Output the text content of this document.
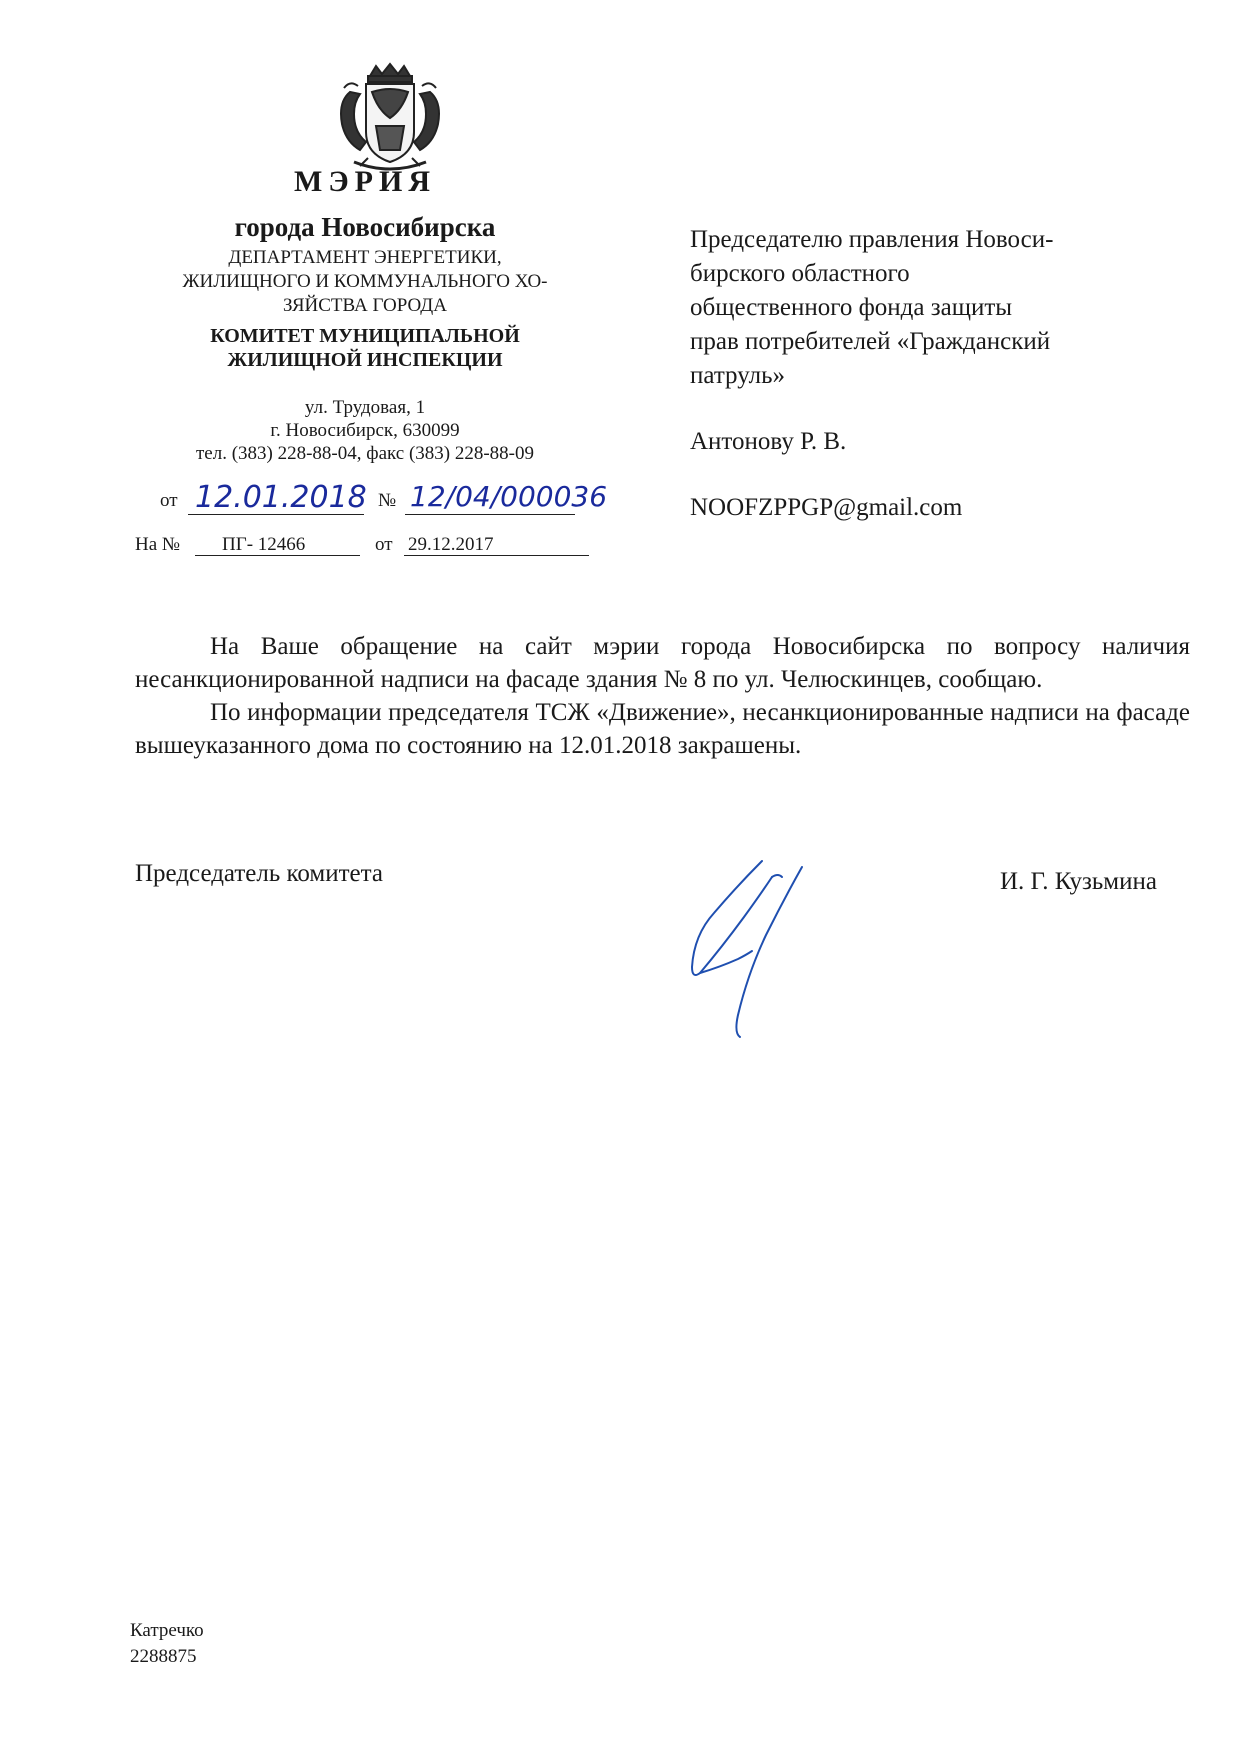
МЭРИЯ
города Новосибирска
ДЕПАРТАМЕНТ ЭНЕРГЕТИКИ,
ЖИЛИЩНОГО И КОММУНАЛЬНОГО ХО-
ЗЯЙСТВА ГОРОДА
КОМИТЕТ МУНИЦИПАЛЬНОЙ
ЖИЛИЩНОЙ ИНСПЕКЦИИ
ул. Трудовая, 1
г. Новосибирск, 630099
тел. (383) 228-88-04, факс (383) 228-88-09
от 12.01.2018 № 12/04/000036
На № ПГ- 12466	от 29.12.2017
Председателю правления Новоси-
бирского областного
общественного фонда защиты
прав потребителей «Гражданский
патруль»
Антонову Р. В.
NOOFZPPGP@gmail.com

На Ваше обращение на сайт мэрии города Новосибирска по вопросу наличия несанкционированной надписи на фасаде здания № 8 по ул. Челюскинцев, сообщаю.

По информации председателя ТСЖ «Движение», несанкционированные надписи на фасаде вышеуказанного дома по состоянию на 12.01.2018 закрашены.

Председатель комитета	И. Г. Кузьмина
Катречко
2288875
